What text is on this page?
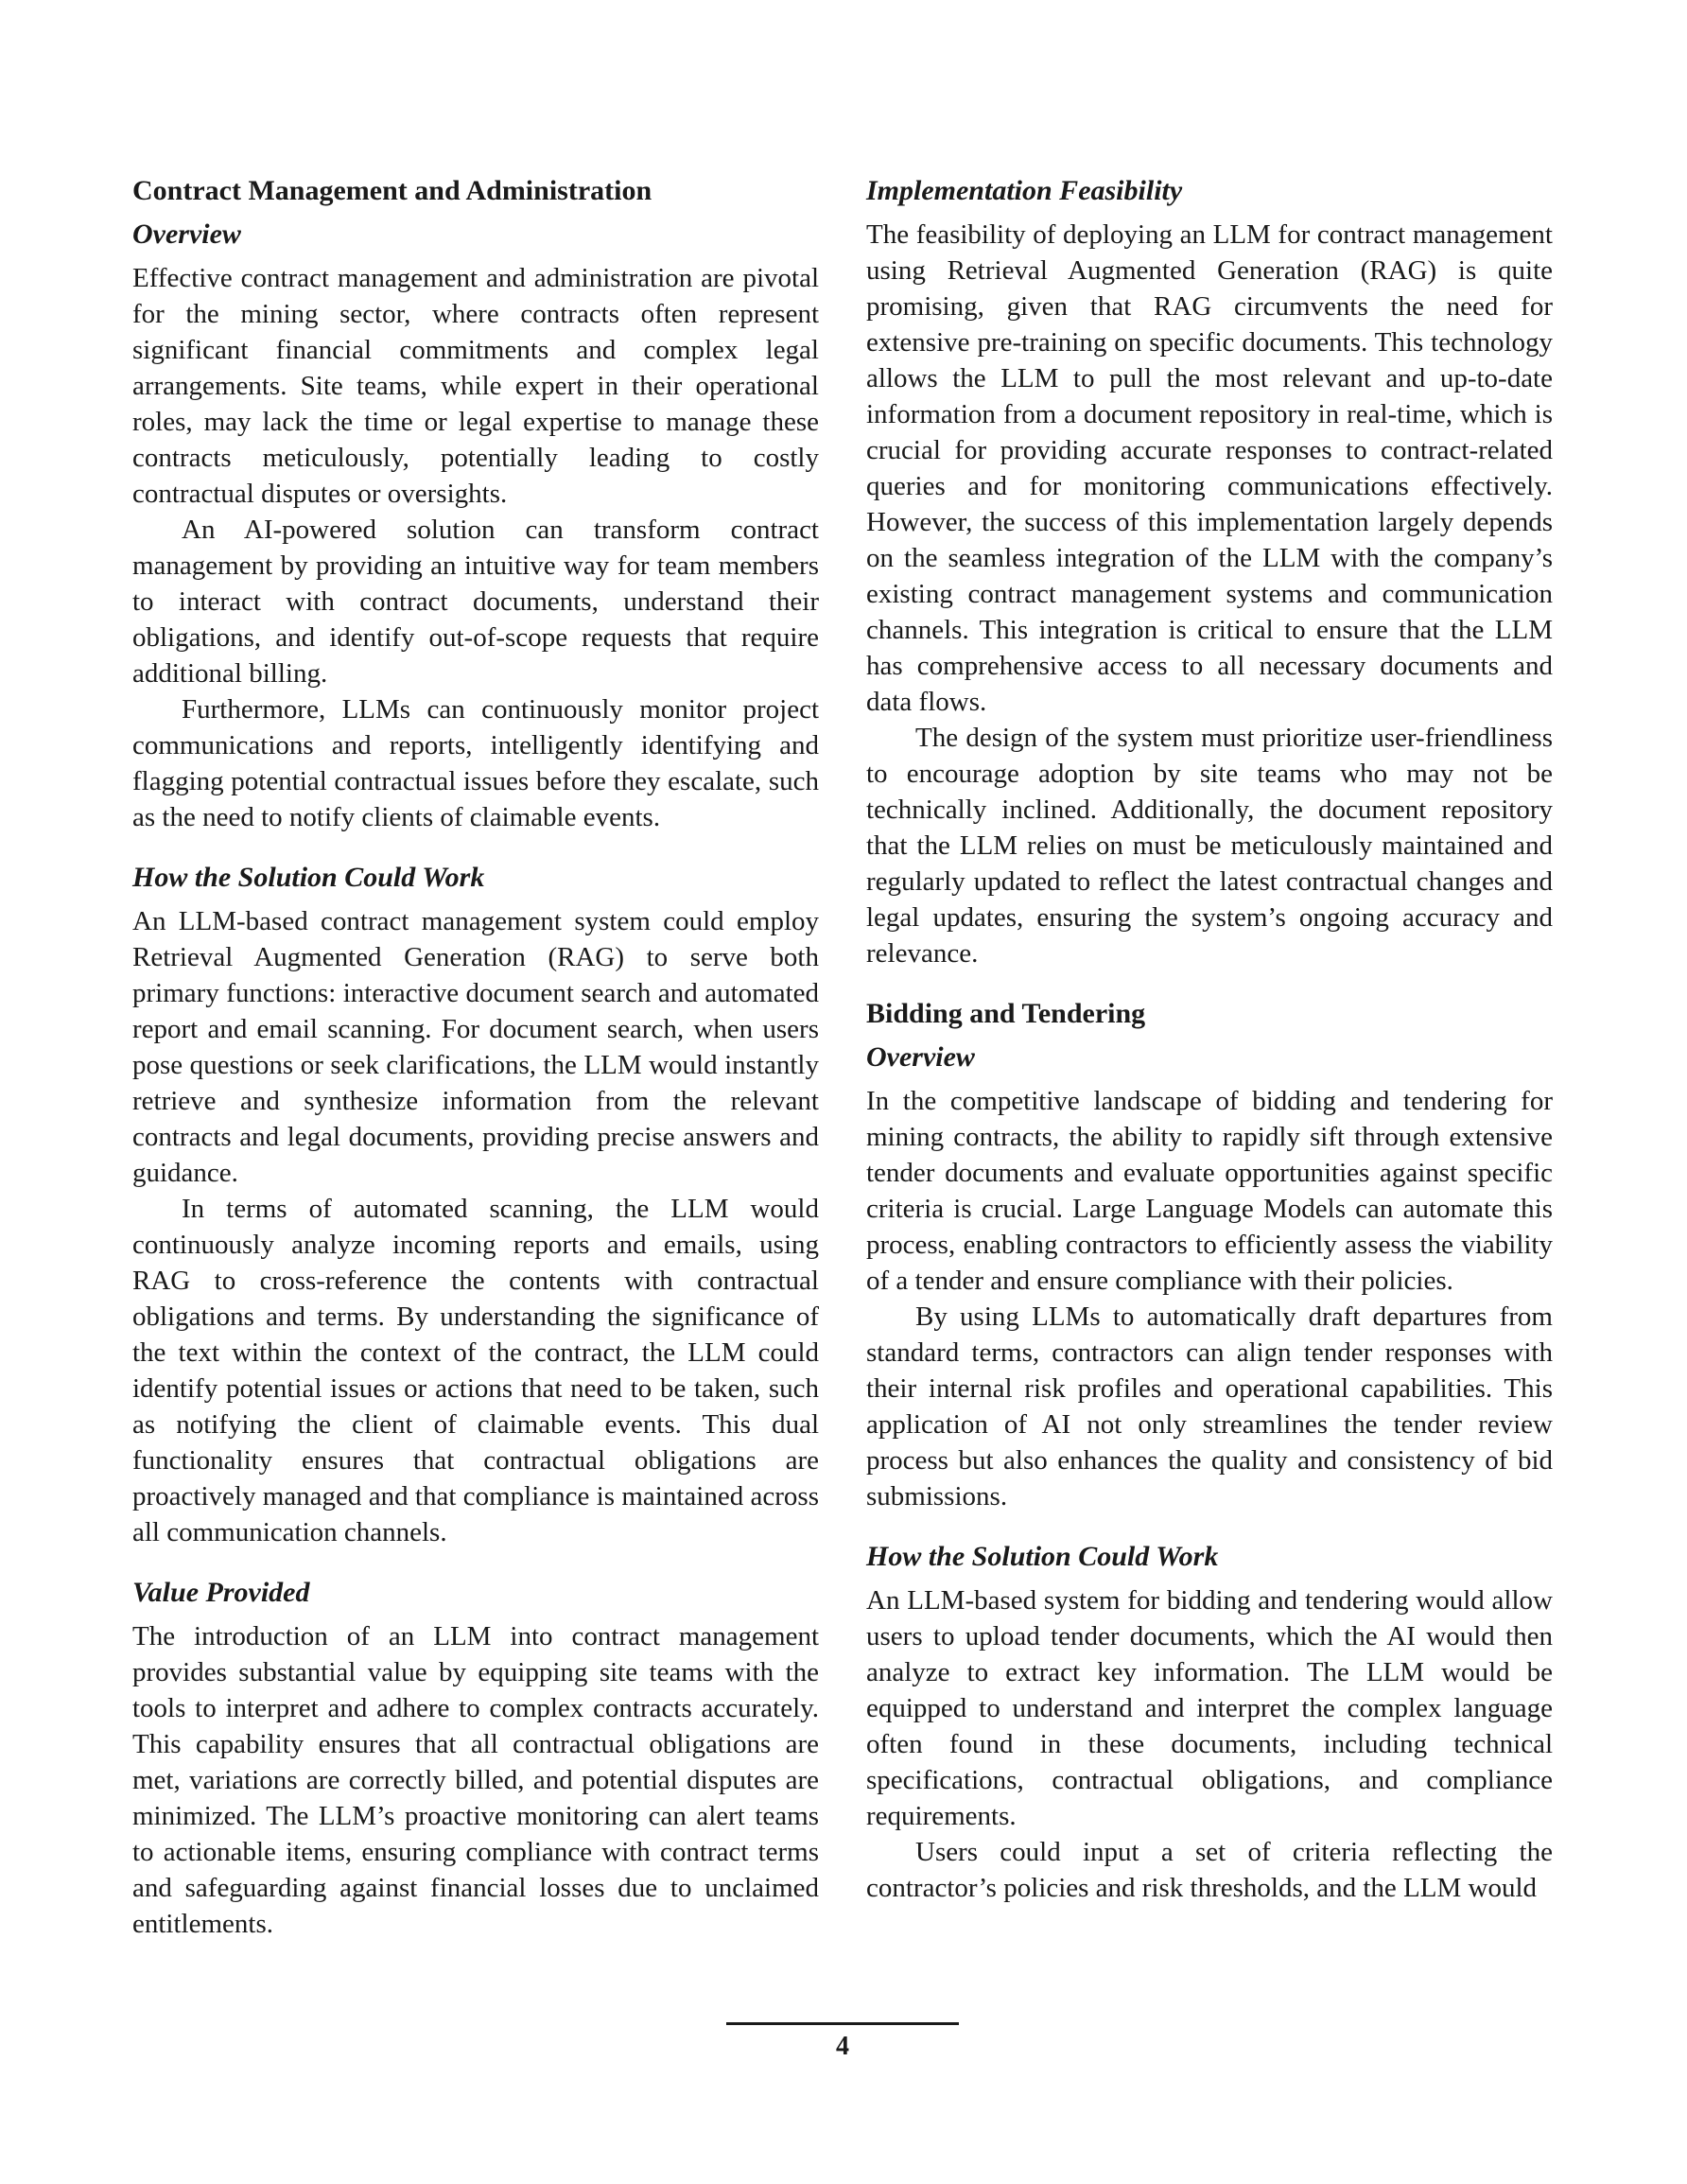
Contract Management and Administration
Overview

Effective contract management and administration are pivotal for the mining sector, where contracts often represent significant financial commitments and complex legal arrangements. Site teams, while expert in their operational roles, may lack the time or legal expertise to manage these contracts meticulously, potentially leading to costly contractual disputes or oversights.

An AI-powered solution can transform contract management by providing an intuitive way for team members to interact with contract documents, understand their obligations, and identify out-of-scope requests that require additional billing.

Furthermore, LLMs can continuously monitor project communications and reports, intelligently identifying and flagging potential contractual issues before they escalate, such as the need to notify clients of claimable events.

How the Solution Could Work

An LLM-based contract management system could employ Retrieval Augmented Generation (RAG) to serve both primary functions: interactive document search and automated report and email scanning. For document search, when users pose questions or seek clarifications, the LLM would instantly retrieve and synthesize information from the relevant contracts and legal documents, providing precise answers and guidance.

In terms of automated scanning, the LLM would continuously analyze incoming reports and emails, using RAG to cross-reference the contents with contractual obligations and terms. By understanding the significance of the text within the context of the contract, the LLM could identify potential issues or actions that need to be taken, such as notifying the client of claimable events. This dual functionality ensures that contractual obligations are proactively managed and that compliance is maintained across all communication channels.

Value Provided

The introduction of an LLM into contract management provides substantial value by equipping site teams with the tools to interpret and adhere to complex contracts accurately. This capability ensures that all contractual obligations are met, variations are correctly billed, and potential disputes are minimized. The LLM’s proactive monitoring can alert teams to actionable items, ensuring compliance with contract terms and safeguarding against financial losses due to unclaimed entitlements.

Implementation Feasibility

The feasibility of deploying an LLM for contract management using Retrieval Augmented Generation (RAG) is quite promising, given that RAG circumvents the need for extensive pre-training on specific documents. This technology allows the LLM to pull the most relevant and up-to-date information from a document repository in real-time, which is crucial for providing accurate responses to contract-related queries and for monitoring communications effectively. However, the success of this implementation largely depends on the seamless integration of the LLM with the company’s existing contract management systems and communication channels. This integration is critical to ensure that the LLM has comprehensive access to all necessary documents and data flows.

The design of the system must prioritize user-friendliness to encourage adoption by site teams who may not be technically inclined. Additionally, the document repository that the LLM relies on must be meticulously maintained and regularly updated to reflect the latest contractual changes and legal updates, ensuring the system’s ongoing accuracy and relevance.

Bidding and Tendering
Overview

In the competitive landscape of bidding and tendering for mining contracts, the ability to rapidly sift through extensive tender documents and evaluate opportunities against specific criteria is crucial. Large Language Models can automate this process, enabling contractors to efficiently assess the viability of a tender and ensure compliance with their policies.

By using LLMs to automatically draft departures from standard terms, contractors can align tender responses with their internal risk profiles and operational capabilities. This application of AI not only streamlines the tender review process but also enhances the quality and consistency of bid submissions.

How the Solution Could Work

An LLM-based system for bidding and tendering would allow users to upload tender documents, which the AI would then analyze to extract key information. The LLM would be equipped to understand and interpret the complex language often found in these documents, including technical specifications, contractual obligations, and compliance requirements.

Users could input a set of criteria reflecting the contractor’s policies and risk thresholds, and the LLM would

4
